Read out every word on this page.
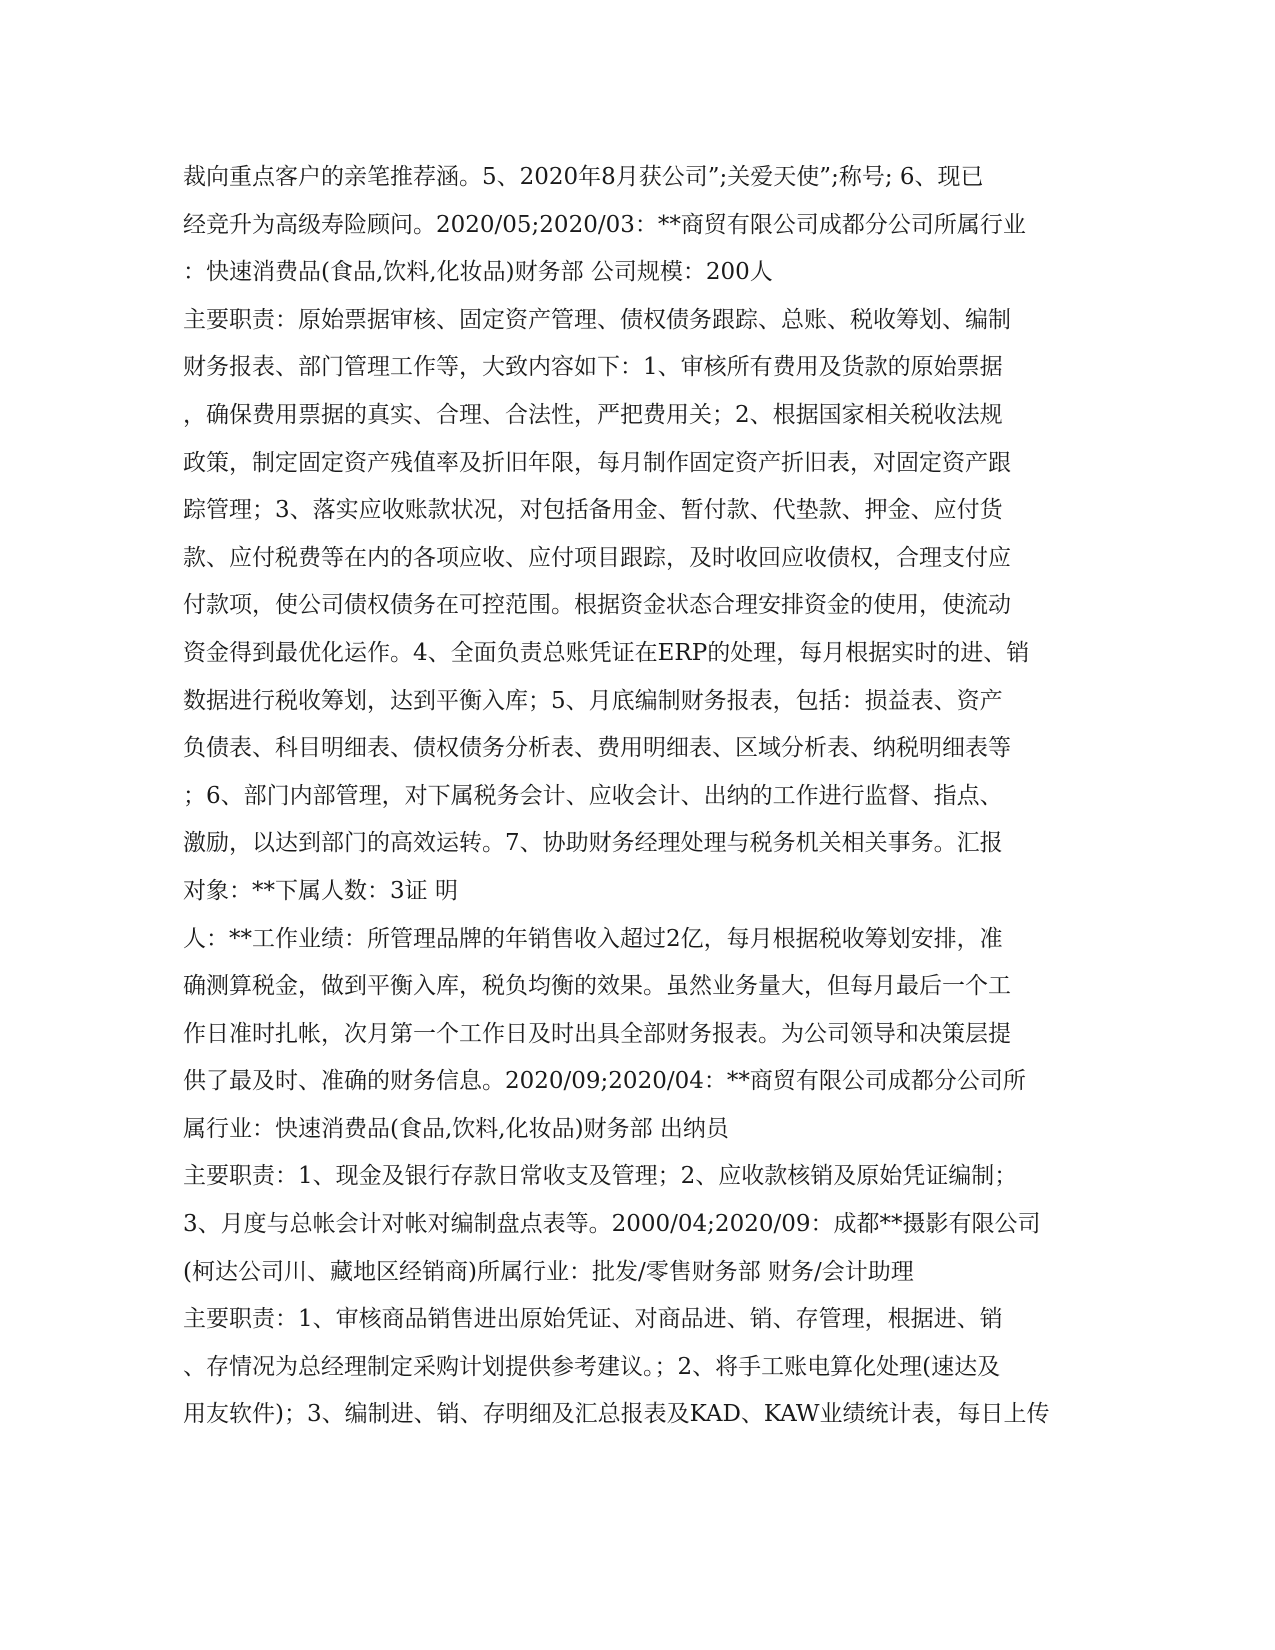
裁向重点客户的亲笔推荐涵。5、2020年8月获公司”;关爱天使”;称号; 6、现已
经竞升为高级寿险顾问。2020/05;2020/03：**商贸有限公司成都分公司所属行业
：快速消费品(食品,饮料,化妆品)财务部 公司规模：200人
主要职责：原始票据审核、固定资产管理、债权债务跟踪、总账、税收筹划、编制
财务报表、部门管理工作等，大致内容如下：1、审核所有费用及货款的原始票据
，确保费用票据的真实、合理、合法性，严把费用关；2、根据国家相关税收法规
政策，制定固定资产残值率及折旧年限，每月制作固定资产折旧表，对固定资产跟
踪管理；3、落实应收账款状况，对包括备用金、暂付款、代垫款、押金、应付货
款、应付税费等在内的各项应收、应付项目跟踪，及时收回应收债权，合理支付应
付款项，使公司债权债务在可控范围。根据资金状态合理安排资金的使用，使流动
资金得到最优化运作。4、全面负责总账凭证在ERP的处理，每月根据实时的进、销
数据进行税收筹划，达到平衡入库；5、月底编制财务报表，包括：损益表、资产
负债表、科目明细表、债权债务分析表、费用明细表、区域分析表、纳税明细表等
；6、部门内部管理，对下属税务会计、应收会计、出纳的工作进行监督、指点、
激励，以达到部门的高效运转。7、协助财务经理处理与税务机关相关事务。汇报
对象：**下属人数：3证 明
人：**工作业绩：所管理品牌的年销售收入超过2亿，每月根据税收筹划安排，准
确测算税金，做到平衡入库，税负均衡的效果。虽然业务量大，但每月最后一个工
作日准时扎帐，次月第一个工作日及时出具全部财务报表。为公司领导和决策层提
供了最及时、准确的财务信息。2020/09;2020/04：**商贸有限公司成都分公司所
属行业：快速消费品(食品,饮料,化妆品)财务部 出纳员
主要职责：1、现金及银行存款日常收支及管理；2、应收款核销及原始凭证编制；
3、月度与总帐会计对帐对编制盘点表等。2000/04;2020/09：成都**摄影有限公司
(柯达公司川、藏地区经销商)所属行业：批发/零售财务部 财务/会计助理
主要职责：1、审核商品销售进出原始凭证、对商品进、销、存管理，根据进、销
、存情况为总经理制定采购计划提供参考建议。；2、将手工账电算化处理(速达及
用友软件)；3、编制进、销、存明细及汇总报表及KAD、KAW业绩统计表，每日上传
